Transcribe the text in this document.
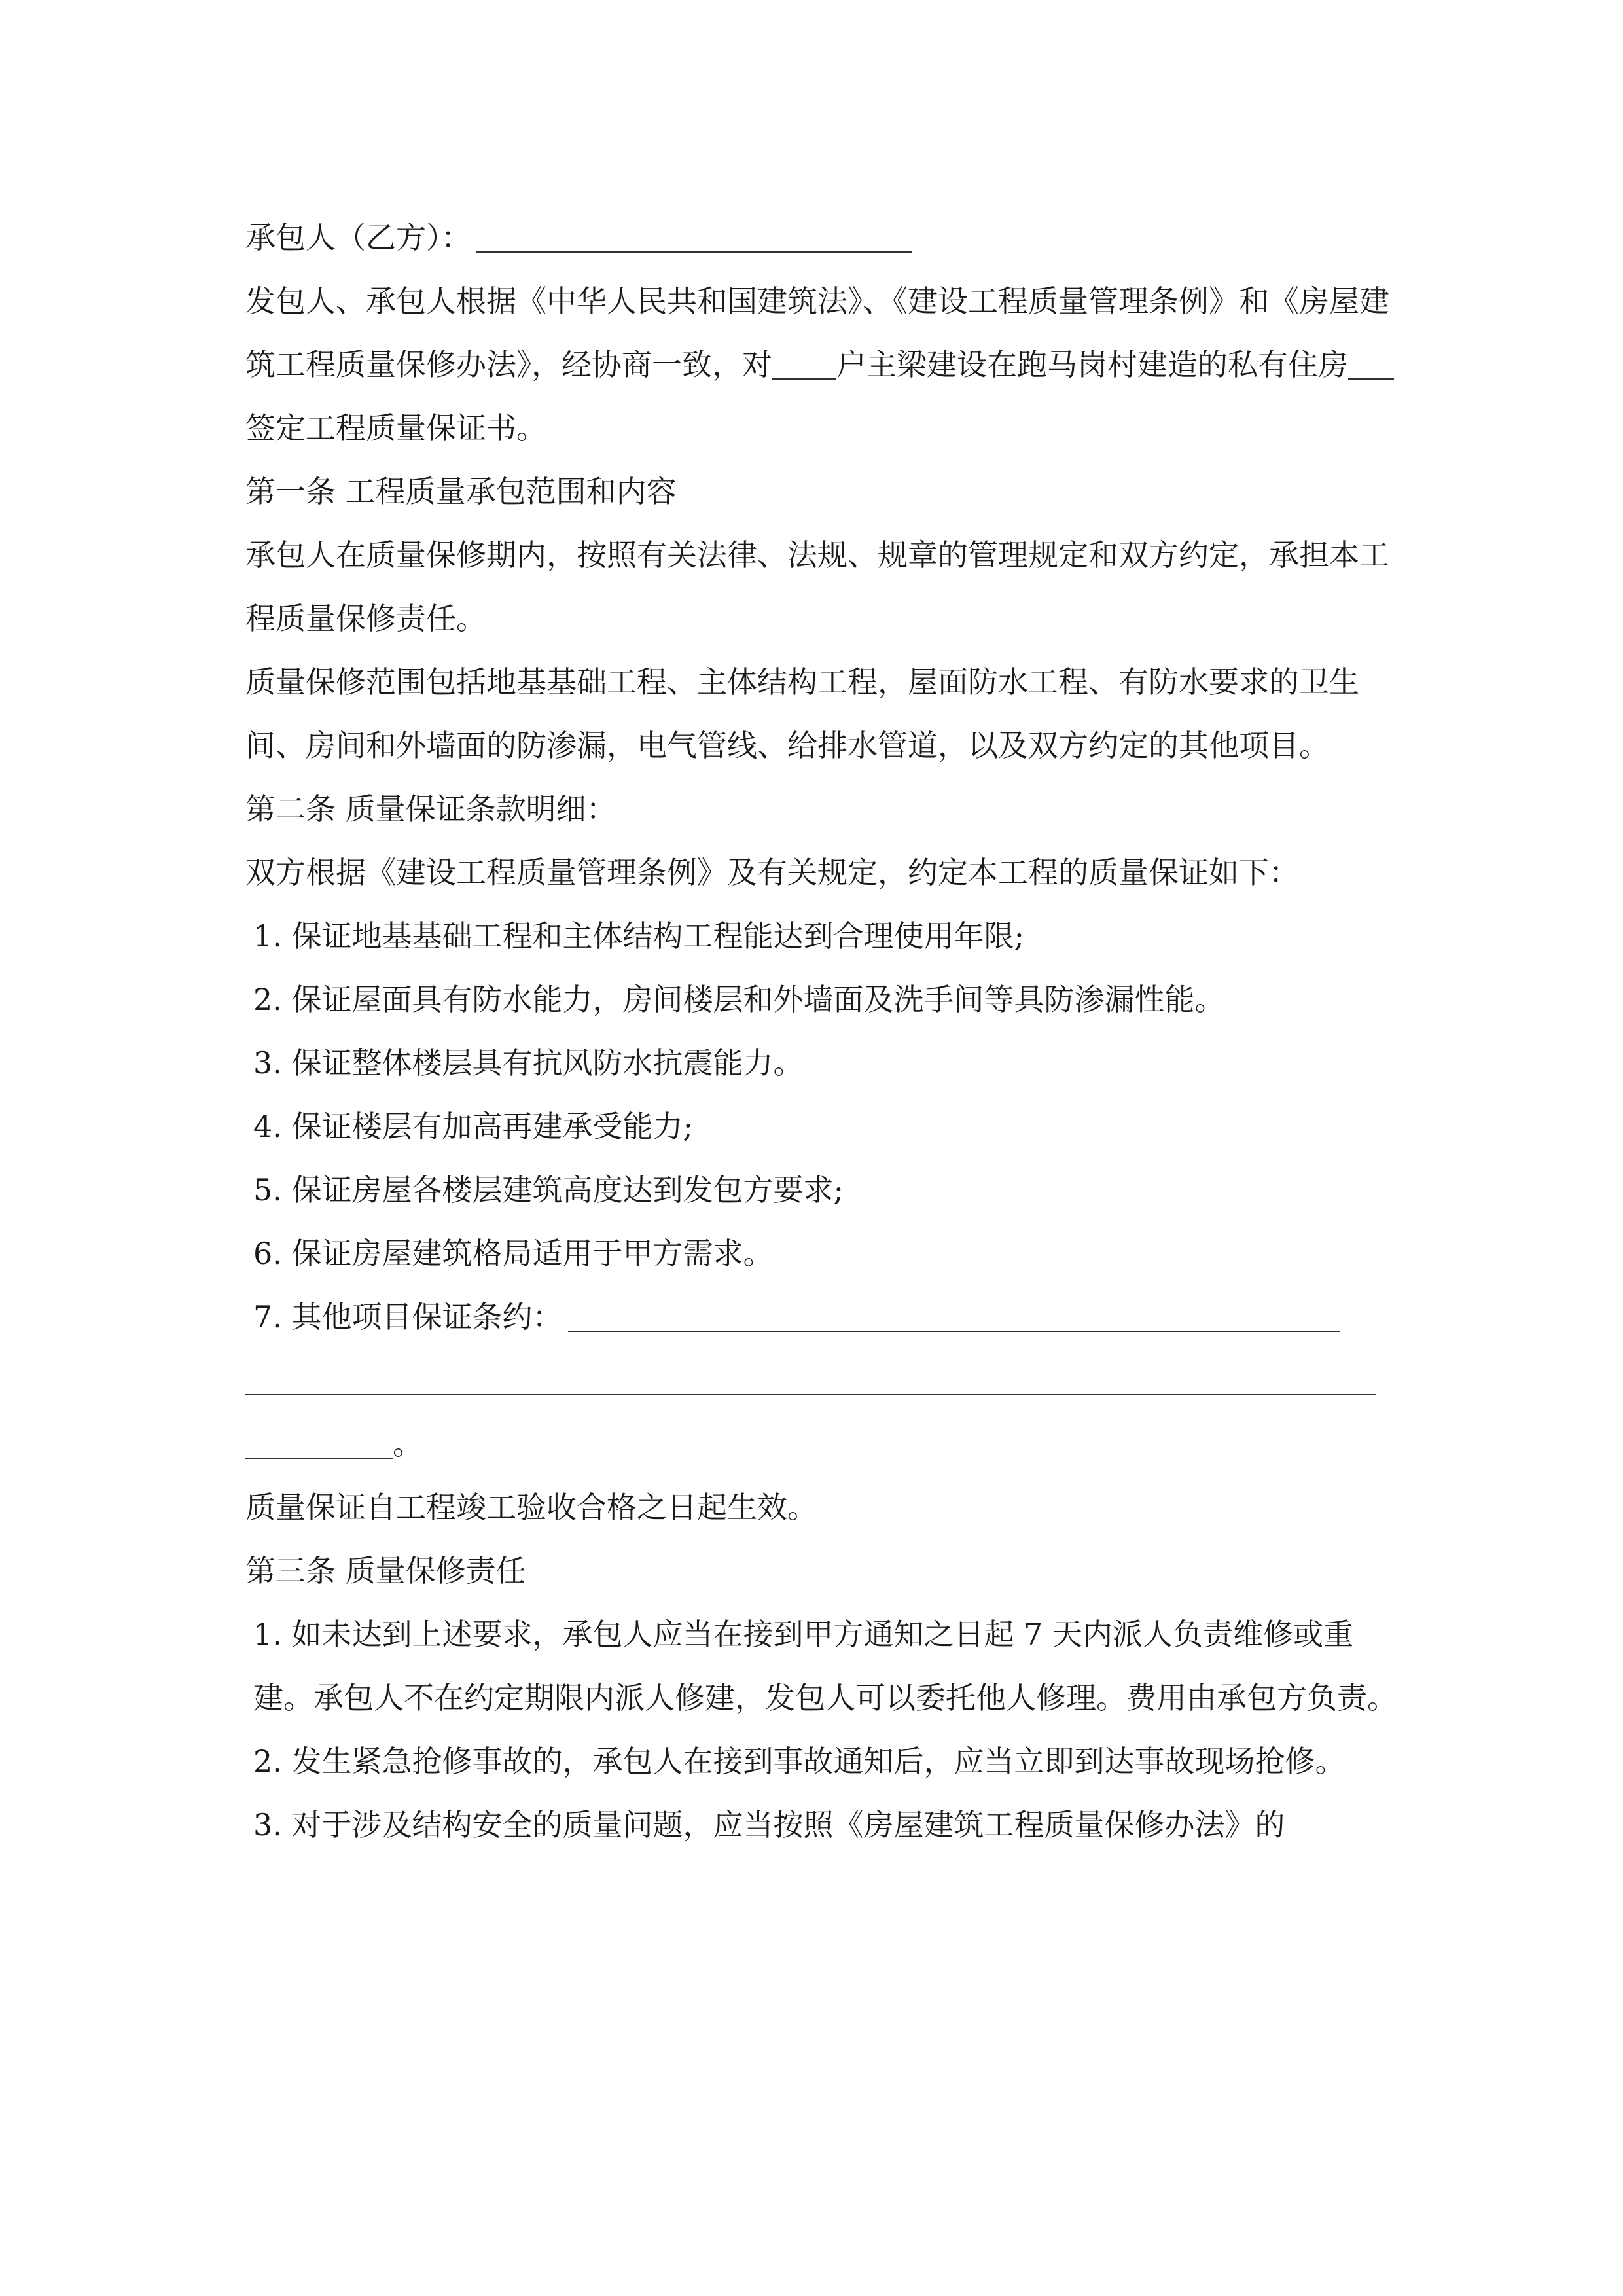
承包人（乙方）：

发包人、承包人根据《中华人民共和国建筑法》、《建设工程质量管理条例》和《房屋建筑工程质量保修办法》，经协商一致，对 户主梁建设在跑马岗村建造的私有住房签定工程质量保证书。

第一条 工程质量承包范围和内容

承包人在质量保修期内，按照有关法律、法规、规章的管理规定和双方约定，承担本工程质量保修责任。

质量保修范围包括地基基础工程、主体结构工程，屋面防水工程、有防水要求的卫生间、房间和外墙面的防渗漏，电气管线、给排水管道，以及双方约定的其他项目。

第二条 质量保证条款明细：

双方根据《建设工程质量管理条例》及有关规定，约定本工程的质量保证如下：

1. 保证地基基础工程和主体结构工程能达到合理使用年限;

2. 保证屋面具有防水能力，房间楼层和外墙面及洗手间等具防渗漏性能。

3. 保证整体楼层具有抗风防水抗震能力。

4. 保证楼层有加高再建承受能力;

5. 保证房屋各楼层建筑高度达到发包方要求;

6. 保证房屋建筑格局适用于甲方需求。

7. 其他项目保证条约：

。

质量保证自工程竣工验收合格之日起生效。

第三条 质量保修责任

1. 如未达到上述要求，承包人应当在接到甲方通知之日起 7 天内派人负责维修或重建。承包人不在约定期限内派人修建，发包人可以委托他人修理。费用由承包方负责。

2. 发生紧急抢修事故的，承包人在接到事故通知后，应当立即到达事故现场抢修。

3. 对于涉及结构安全的质量问题，应当按照《房屋建筑工程质量保修办法》的
